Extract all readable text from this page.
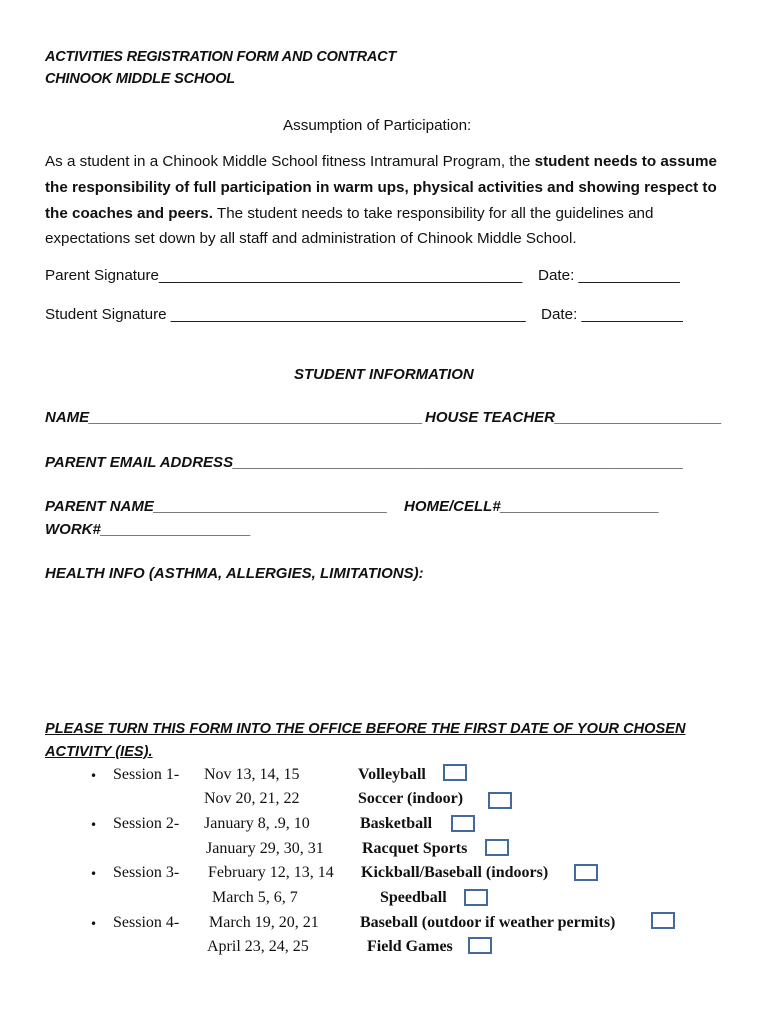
ACTIVITIES REGISTRATION FORM AND CONTRACT
CHINOOK MIDDLE SCHOOL
Assumption of Participation:
As a student in a Chinook Middle School fitness Intramural Program, the student needs to assume the responsibility of full participation in warm ups, physical activities and showing respect to the coaches and peers. The student needs to take responsibility for all the guidelines and expectations set down by all staff and administration of Chinook Middle School.
Parent Signature___________________________________________ Date: ____________
Student Signature __________________________________________ Date: ____________
STUDENT INFORMATION
NAME________________________________________ HOUSE TEACHER____________________
PARENT EMAIL ADDRESS______________________________________________________
PARENT NAME____________________________ HOME/CELL#___________________
WORK#__________________
HEALTH INFO (ASTHMA, ALLERGIES, LIMITATIONS):
PLEASE TURN THIS FORM INTO THE OFFICE BEFORE THE FIRST DATE OF YOUR CHOSEN
ACTIVITY (IES).
• Session 1- Nov 13, 14, 15	Volleyball
Nov 20, 21, 22	Soccer (indoor)
• Session 2- January 8, .9, 10	Basketball
January 29, 30, 31 Racquet Sports
• Session 3- February 12, 13, 14 Kickball/Baseball (indoors)
March 5, 6, 7	Speedball
• Session 4- March 19, 20, 21	Baseball (outdoor if weather permits)
April 23, 24, 25	Field Games
